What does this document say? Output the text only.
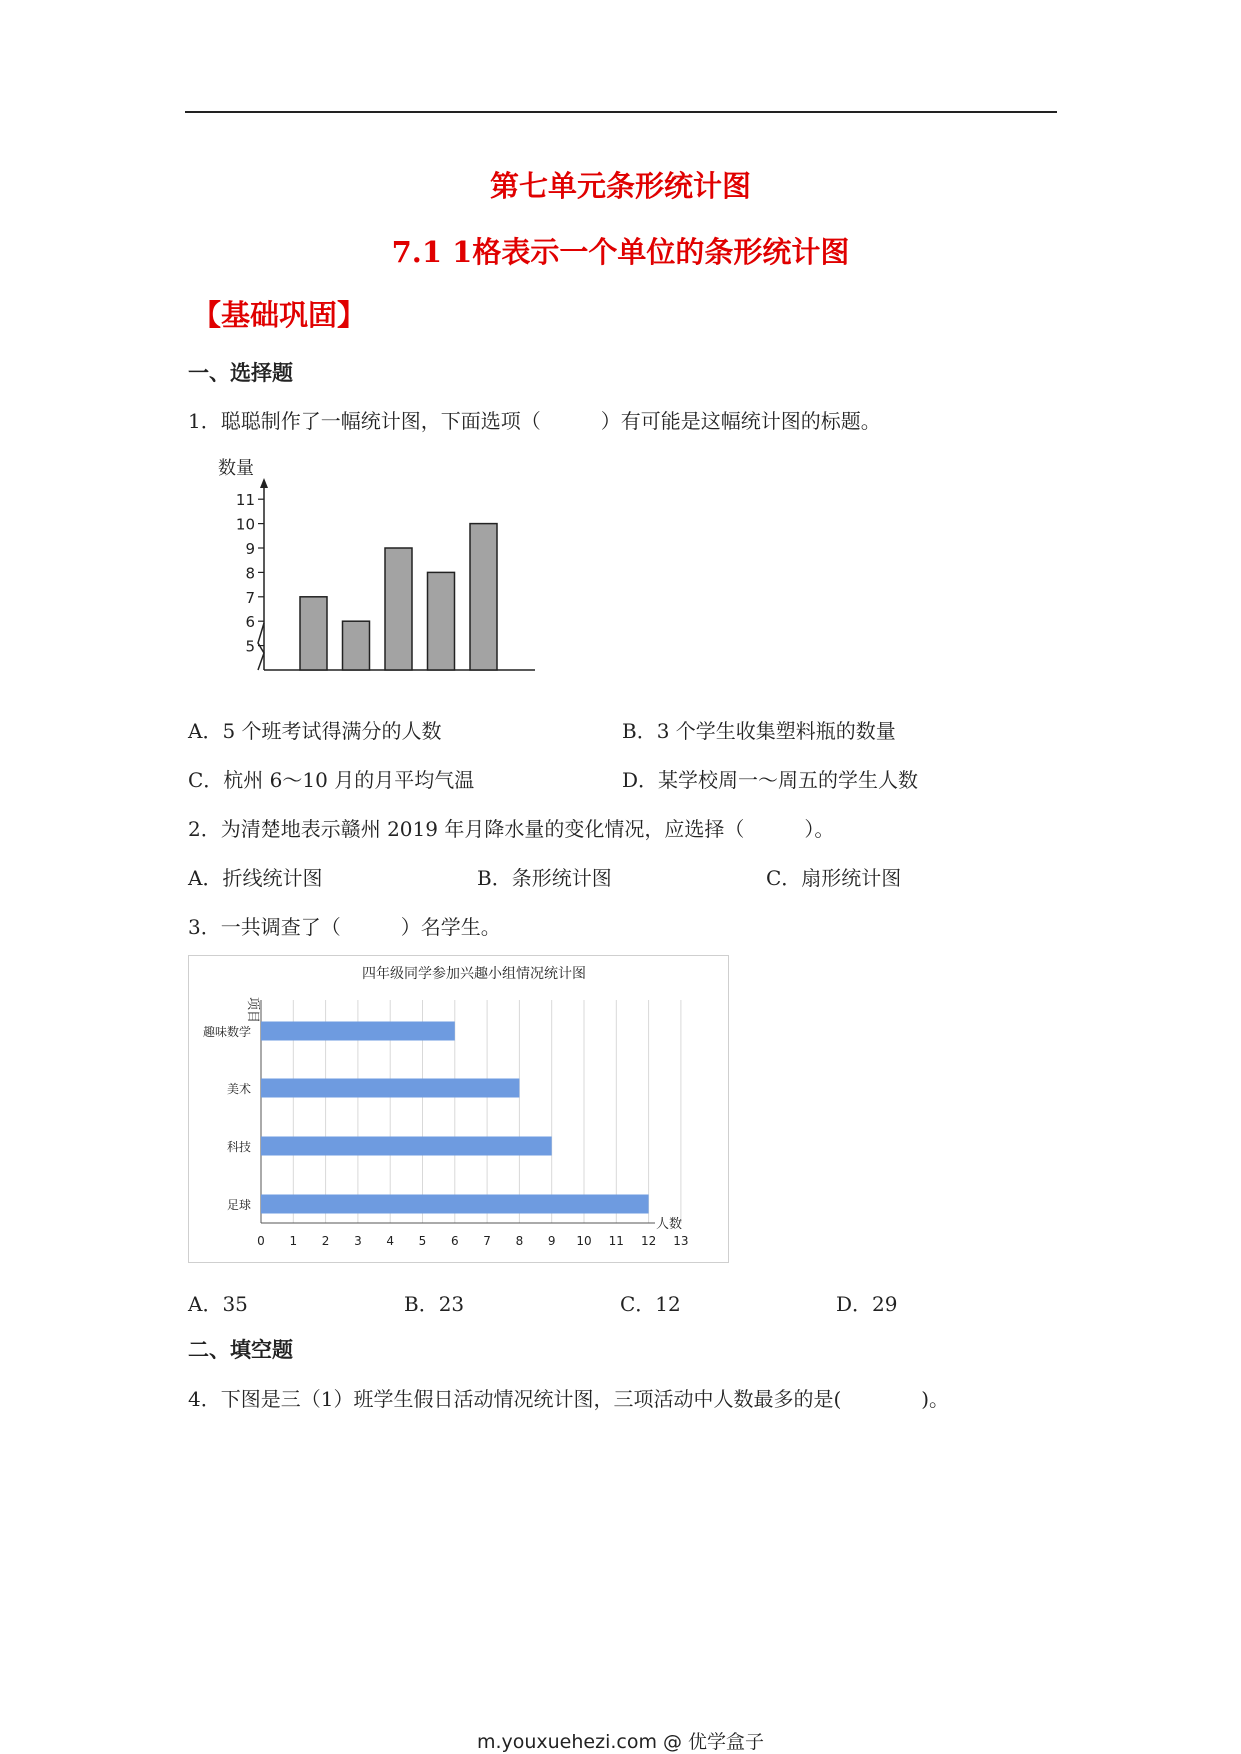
第七单元条形统计图
7.1 1格表示一个单位的条形统计图
【基础巩固】
一、选择题
1．聪聪制作了一幅统计图，下面选项（　　　）有可能是这幅统计图的标题。
数量
5
6
7
8
9
10
11
A．5 个班考试得满分的人数	B．3 个学生收集塑料瓶的数量
C．杭州 6～10 月的月平均气温	D．某学校周一～周五的学生人数
2．为清楚地表示赣州 2019 年月降水量的变化情况，应选择（　　　）。
A．折线统计图	B．条形统计图	C．扇形统计图
3．一共调查了（　　　）名学生。
四年级同学参加兴趣小组情况统计图
项目
趣味数学
美术
科技
足球
0 1 2 3 4 5 6 7 8 9 10 11 12 13
人数
A．35	B．23	C．12	D．29
二、填空题
4．下图是三（1）班学生假日活动情况统计图，三项活动中人数最多的是(　　　　)。
m.youxuehezi.com @ 优学盒子
